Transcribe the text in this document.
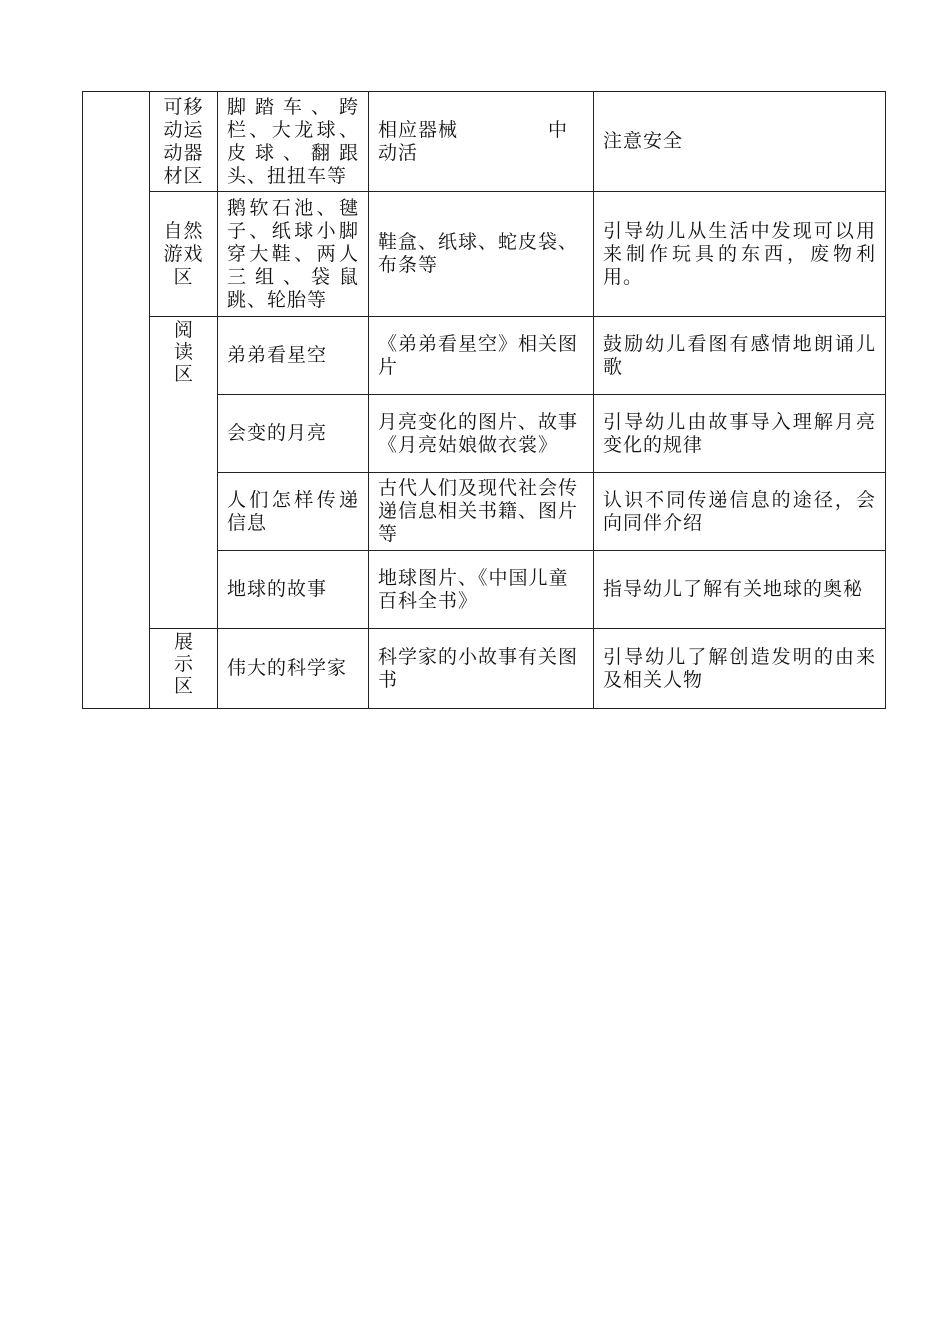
	可移动运动器材区	脚踏车、跨栏、大龙球、皮球、翻跟头、扭扭车等	相应器械 中动活	注意安全
	自然游戏区	鹅软石池、毽子、纸球小脚穿大鞋、两人三组、袋鼠跳、轮胎等	鞋盒、纸球、蛇皮袋、布条等	引导幼儿从生活中发现可以用来制作玩具的东西，废物利用。

	阅读区	弟弟看星空	《弟弟看星空》相关图片	鼓励幼儿看图有感情地朗诵儿歌
		会变的月亮	月亮变化的图片、故事《月亮姑娘做衣裳》	引导幼儿由故事导入理解月亮变化的规律
		人们怎样传递信息	古代人们及现代社会传递信息相关书籍、图片等	认识不同传递信息的途径，会向同伴介绍
		地球的故事	地球图片、《中国儿童百科全书》	指导幼儿了解有关地球的奥秘

	展示区	伟大的科学家	科学家的小故事有关图书	引导幼儿了解创造发明的由来及相关人物
